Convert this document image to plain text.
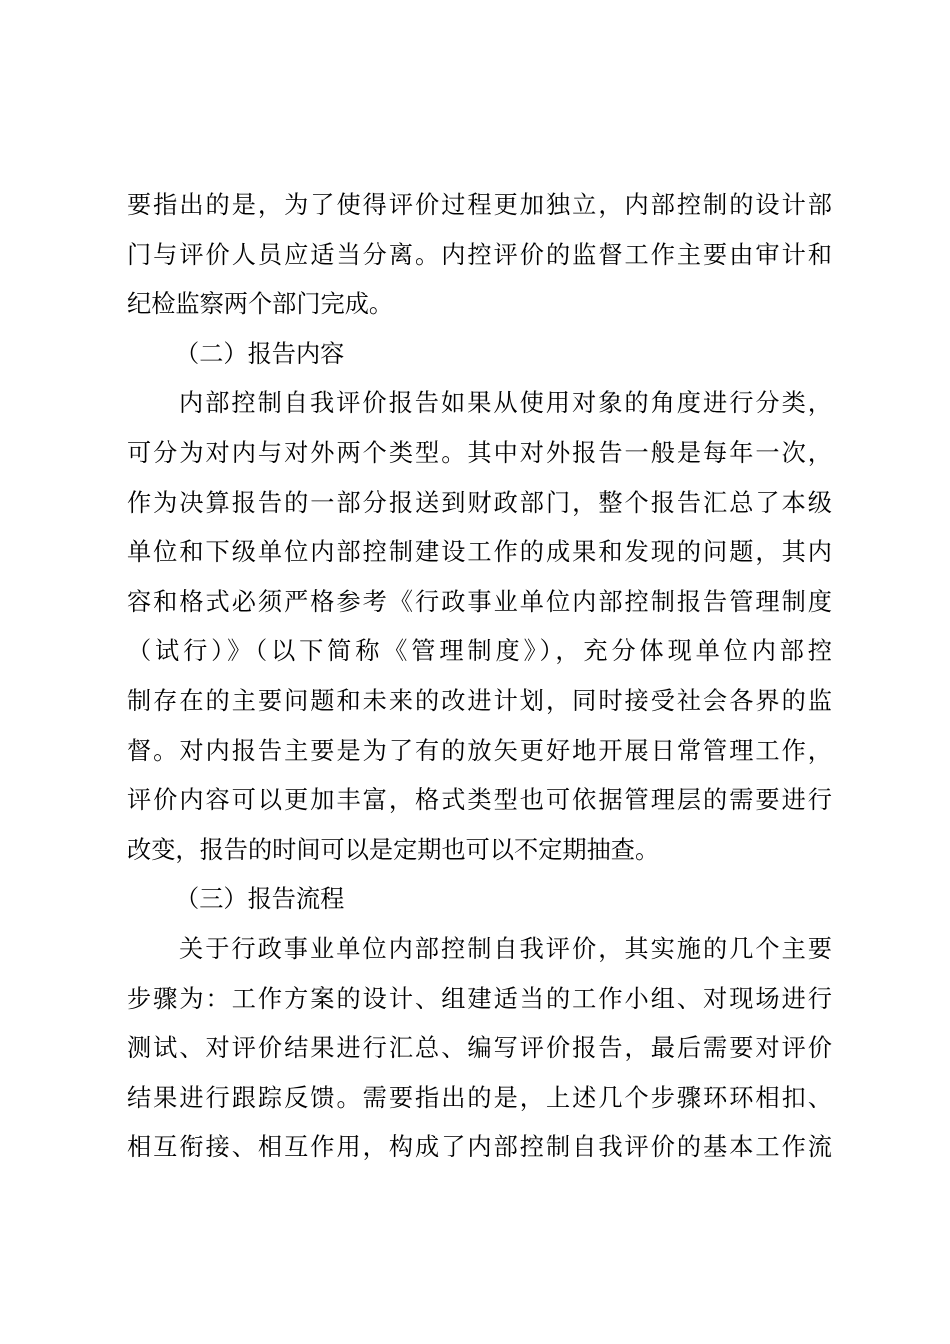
要指出的是，为了使得评价过程更加独立，内部控制的设计部
门与评价人员应适当分离。内控评价的监督工作主要由审计和
纪检监察两个部门完成。
（二）报告内容
内部控制自我评价报告如果从使用对象的角度进行分类，
可分为对内与对外两个类型。其中对外报告一般是每年一次，
作为决算报告的一部分报送到财政部门，整个报告汇总了本级
单位和下级单位内部控制建设工作的成果和发现的问题，其内
容和格式必须严格参考《行政事业单位内部控制报告管理制度
（试行）》（以下简称《管理制度》），充分体现单位内部控
制存在的主要问题和未来的改进计划，同时接受社会各界的监
督。对内报告主要是为了有的放矢更好地开展日常管理工作，
评价内容可以更加丰富，格式类型也可依据管理层的需要进行
改变，报告的时间可以是定期也可以不定期抽查。
（三）报告流程
关于行政事业单位内部控制自我评价，其实施的几个主要
步骤为：工作方案的设计、组建适当的工作小组、对现场进行
测试、对评价结果进行汇总、编写评价报告，最后需要对评价
结果进行跟踪反馈。需要指出的是，上述几个步骤环环相扣、
相互衔接、相互作用，构成了内部控制自我评价的基本工作流
